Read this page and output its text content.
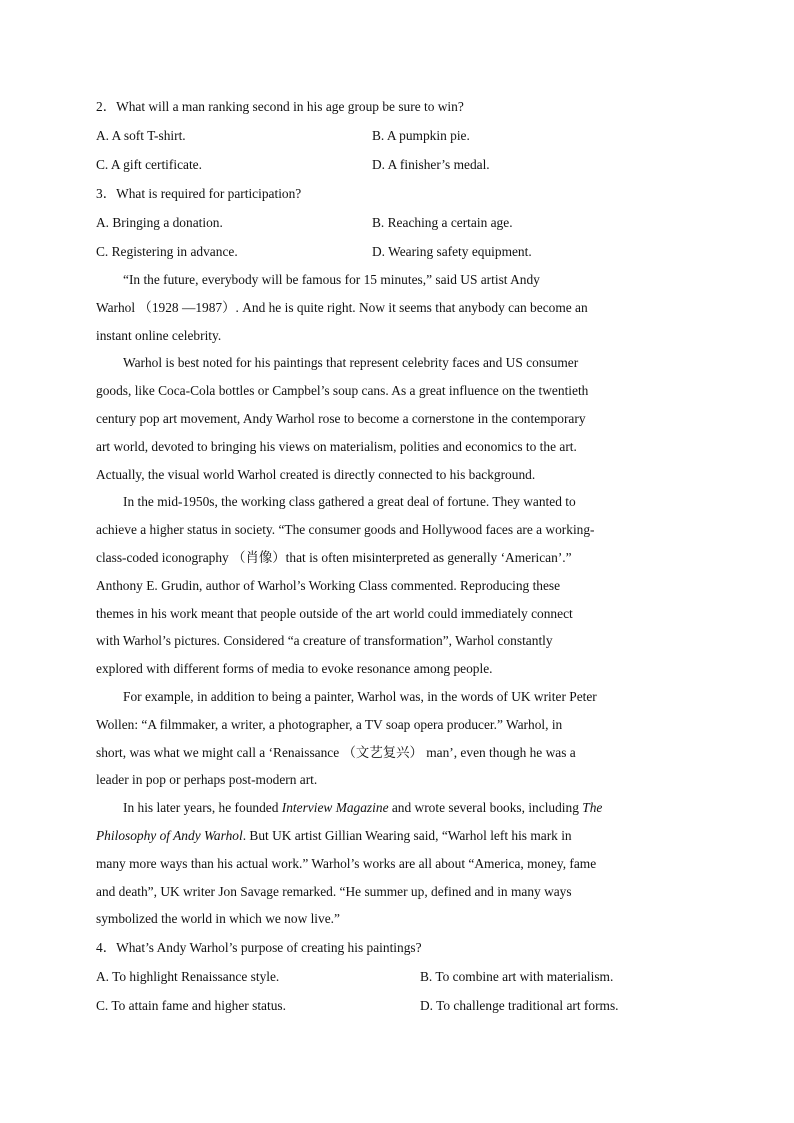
2．What will a man ranking second in his age group be sure to win?
A. A soft T-shirt.	B. A pumpkin pie.
C. A gift certificate.	D. A finisher’s medal.
3．What is required for participation?
A. Bringing a donation.	B. Reaching a certain age.
C. Registering in advance.	D. Wearing safety equipment.
“In the future, everybody will be famous for 15 minutes,” said US artist Andy
Warhol （1928 —1987）. And he is quite right. Now it seems that anybody can become an
instant online celebrity.
Warhol is best noted for his paintings that represent celebrity faces and US consumer
goods, like Coca-Cola bottles or Campbel’s soup cans. As a great influence on the twentieth
century pop art movement, Andy Warhol rose to become a cornerstone in the contemporary
art world, devoted to bringing his views on materialism, polities and economics to the art.
Actually, the visual world Warhol created is directly connected to his background.
In the mid-1950s, the working class gathered a great deal of fortune. They wanted to
achieve a higher status in society. “The consumer goods and Hollywood faces are a working-
class-coded iconography （肖像）that is often misinterpreted as generally ‘American’.”
Anthony E. Grudin, author of Warhol’s Working Class commented. Reproducing these
themes in his work meant that people outside of the art world could immediately connect
with Warhol’s pictures. Considered “a creature of transformation”, Warhol constantly
explored with different forms of media to evoke resonance among people.
For example, in addition to being a painter, Warhol was, in the words of UK writer Peter
Wollen: “A filmmaker, a writer, a photographer, a TV soap opera producer.” Warhol, in
short, was what we might call a ‘Renaissance （文艺复兴） man’, even though he was a
leader in pop or perhaps post-modern art.
In his later years, he founded Interview Magazine and wrote several books, including The
Philosophy of Andy Warhol. But UK artist Gillian Wearing said, “Warhol left his mark in
many more ways than his actual work.” Warhol’s works are all about “America, money, fame
and death”, UK writer Jon Savage remarked. “He summer up, defined and in many ways
symbolized the world in which we now live.”
4．What’s Andy Warhol’s purpose of creating his paintings?
A. To highlight Renaissance style.	B. To combine art with materialism.
C. To attain fame and higher status.	D. To challenge traditional art forms.
